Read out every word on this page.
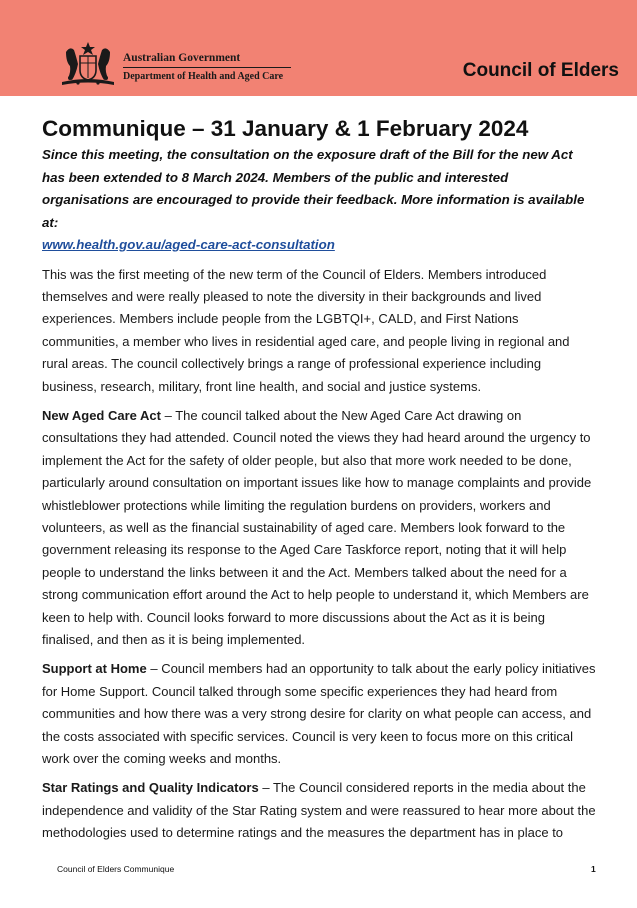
Australian Government
Department of Health and Aged Care	Council of Elders
Communique – 31 January & 1 February 2024

Since this meeting, the consultation on the exposure draft of the Bill for the new Act has been extended to 8 March 2024. Members of the public and interested organisations are encouraged to provide their feedback. More information is available at:
www.health.gov.au/aged-care-act-consultation

This was the first meeting of the new term of the Council of Elders. Members introduced themselves and were really pleased to note the diversity in their backgrounds and lived experiences. Members include people from the LGBTQI+, CALD, and First Nations communities, a member who lives in residential aged care, and people living in regional and rural areas. The council collectively brings a range of professional experience including business, research, military, front line health, and social and justice systems.

New Aged Care Act – The council talked about the New Aged Care Act drawing on consultations they had attended. Council noted the views they had heard around the urgency to implement the Act for the safety of older people, but also that more work needed to be done, particularly around consultation on important issues like how to manage complaints and provide whistleblower protections while limiting the regulation burdens on providers, workers and volunteers, as well as the financial sustainability of aged care. Members look forward to the government releasing its response to the Aged Care Taskforce report, noting that it will help people to understand the links between it and the Act. Members talked about the need for a strong communication effort around the Act to help people to understand it, which Members are keen to help with. Council looks forward to more discussions about the Act as it is being finalised, and then as it is being implemented.

Support at Home – Council members had an opportunity to talk about the early policy initiatives for Home Support. Council talked through some specific experiences they had heard from communities and how there was a very strong desire for clarity on what people can access, and the costs associated with specific services. Council is very keen to focus more on this critical work over the coming weeks and months.

Star Ratings and Quality Indicators – The Council considered reports in the media about the independence and validity of the Star Rating system and were reassured to hear more about the methodologies used to determine ratings and the measures the department has in place to

Council of Elders Communique	1
